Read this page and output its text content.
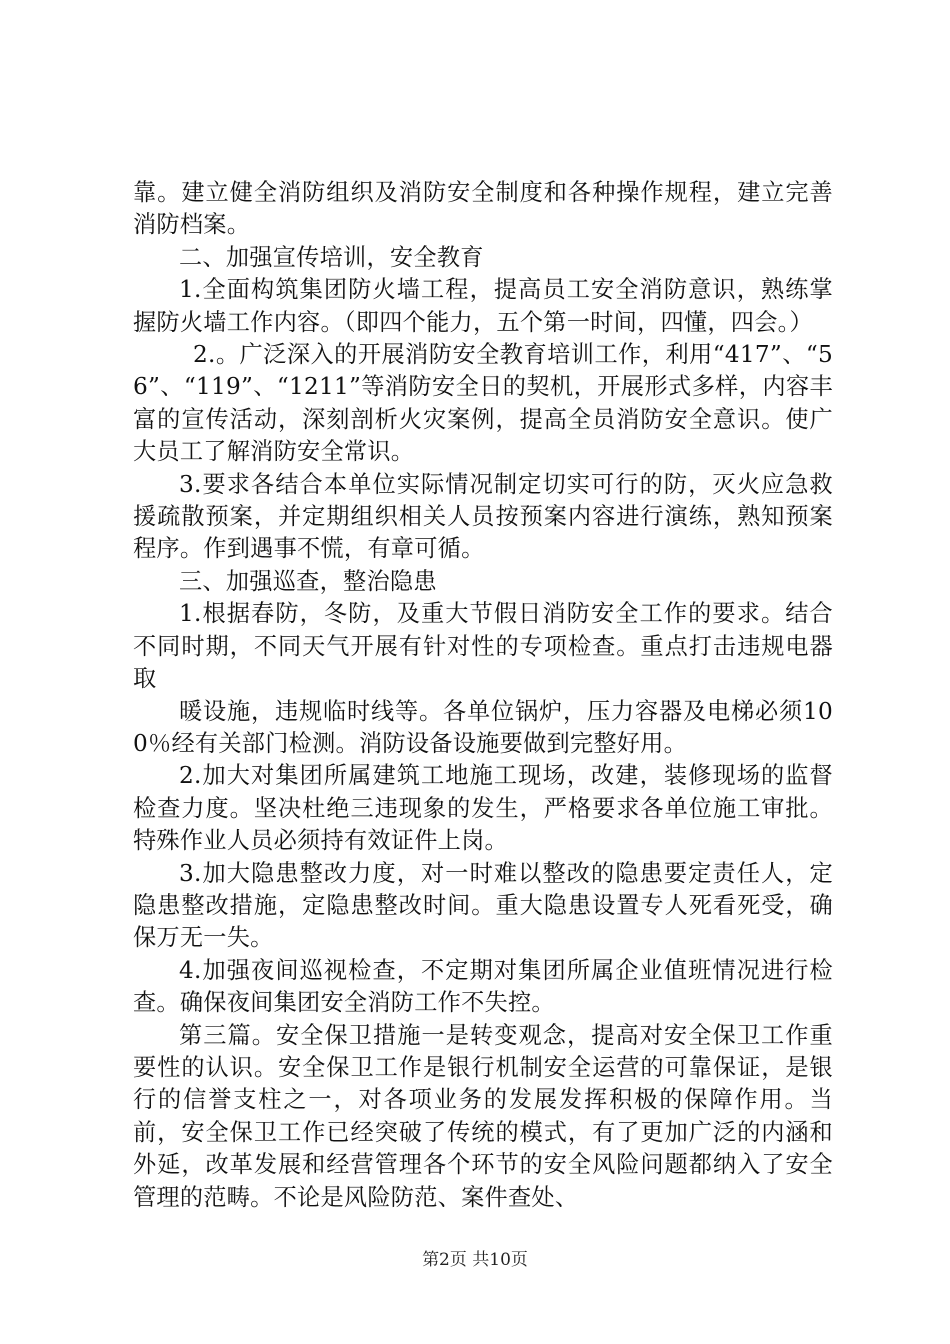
靠。建立健全消防组织及消防安全制度和各种操作规程，建立完善消防档案。

二、加强宣传培训，安全教育

1.全面构筑集团防火墙工程，提高员工安全消防意识，熟练掌握防火墙工作内容。（即四个能力，五个第一时间，四懂，四会。）

2.。广泛深入的开展消防安全教育培训工作，利用“417”、“56”、“119”、“1211”等消防安全日的契机，开展形式多样，内容丰富的宣传活动，深刻剖析火灾案例，提高全员消防安全意识。使广大员工了解消防安全常识。

3.要求各结合本单位实际情况制定切实可行的防，灭火应急救援疏散预案，并定期组织相关人员按预案内容进行演练，熟知预案程序。作到遇事不慌，有章可循。

三、加强巡查，整治隐患

1.根据春防，冬防，及重大节假日消防安全工作的要求。结合不同时期，不同天气开展有针对性的专项检查。重点打击违规电器取

暖设施，违规临时线等。各单位锅炉，压力容器及电梯必须100％经有关部门检测。消防设备设施要做到完整好用。

2.加大对集团所属建筑工地施工现场，改建，装修现场的监督检查力度。坚决杜绝三违现象的发生，严格要求各单位施工审批。特殊作业人员必须持有效证件上岗。

3.加大隐患整改力度，对一时难以整改的隐患要定责任人，定隐患整改措施，定隐患整改时间。重大隐患设置专人死看死受，确保万无一失。

4.加强夜间巡视检查，不定期对集团所属企业值班情况进行检查。确保夜间集团安全消防工作不失控。

第三篇。安全保卫措施一是转变观念，提高对安全保卫工作重要性的认识。安全保卫工作是银行机制安全运营的可靠保证，是银行的信誉支柱之一，对各项业务的发展发挥积极的保障作用。当前，安全保卫工作已经突破了传统的模式，有了更加广泛的内涵和外延，改革发展和经营管理各个环节的安全风险问题都纳入了安全管理的范畴。不论是风险防范、案件查处、

第2页 共10页
